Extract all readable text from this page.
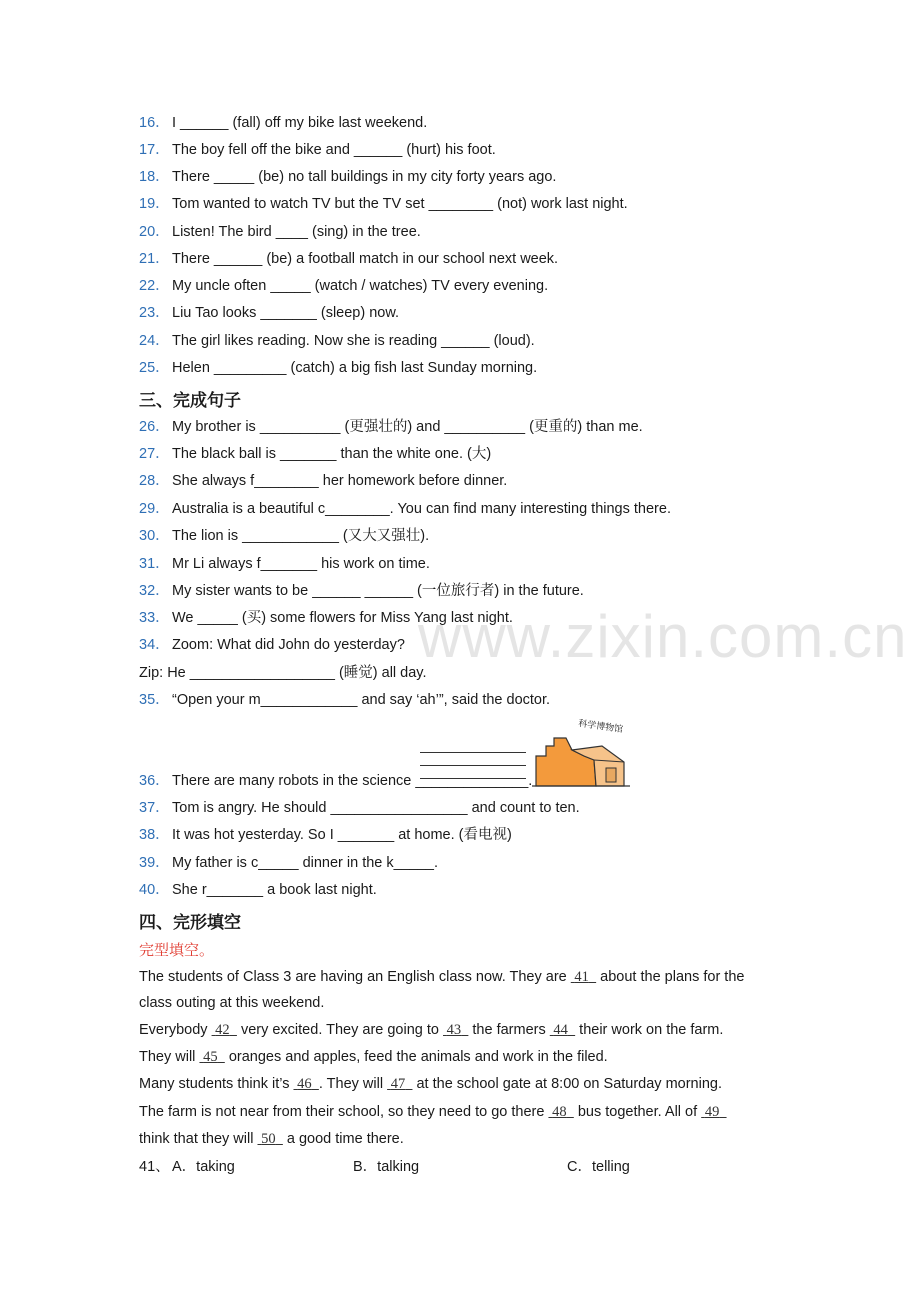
www.zixin.com.cn
16． I ______ (fall) off my bike last weekend.
17． The boy fell off the bike and ______ (hurt) his foot.
18． There _____ (be) no tall buildings in my city forty years ago.
19． Tom wanted to watch TV but the TV set ________ (not) work last night.
20． Listen! The bird ____ (sing) in the tree.
21． There ______ (be) a football match in our school next week.
22． My uncle often _____ (watch / watches) TV every evening.
23． Liu Tao looks _______ (sleep) now.
24． The girl likes reading. Now she is reading ______ (loud).
25． Helen _________ (catch) a big fish last Sunday morning.
三、完成句子
26． My brother is __________ (更强壮的) and __________ (更重的) than me.
27． The black ball is _______ than the white one. (大)
28． She always f________ her homework before dinner.
29． Australia is a beautiful c________. You can find many interesting things there.
30． The lion is ____________ (又大又强壮).
31． Mr Li always f_______ his work on time.
32． My sister wants to be ______ ______ (一位旅行者) in the future.
33． We _____ (买) some flowers for Miss Yang last night.
34． Zoom: What did John do yesterday?
Zip: He __________________ (睡觉) all day.
35． “Open your m____________ and say ‘ah’”, said the doctor.
科学博物馆
36． There are many robots in the science ______________.
37． Tom is angry. He should _________________ and count to ten.
38． It was hot yesterday. So I _______ at home. (看电视)
39． My father is c_____ dinner in the k_____.
40． She r_______ a book last night.
四、完形填空
完型填空。
The students of Class 3 are having an English class now. They are  41   about the plans for the
class outing at this weekend.
Everybody  42   very excited. They are going to  43   the farmers  44   their work on the farm.
They will  45   oranges and apples, feed the animals and work in the filed.
Many students think it’s  46 . They will  47   at the school gate at 8:00 on Saturday morning.
The farm is not near from their school, so they need to go there  48   bus together. All of  49
think that they will  50   a good time there.
41、 A．taking	B．talking	C．telling
